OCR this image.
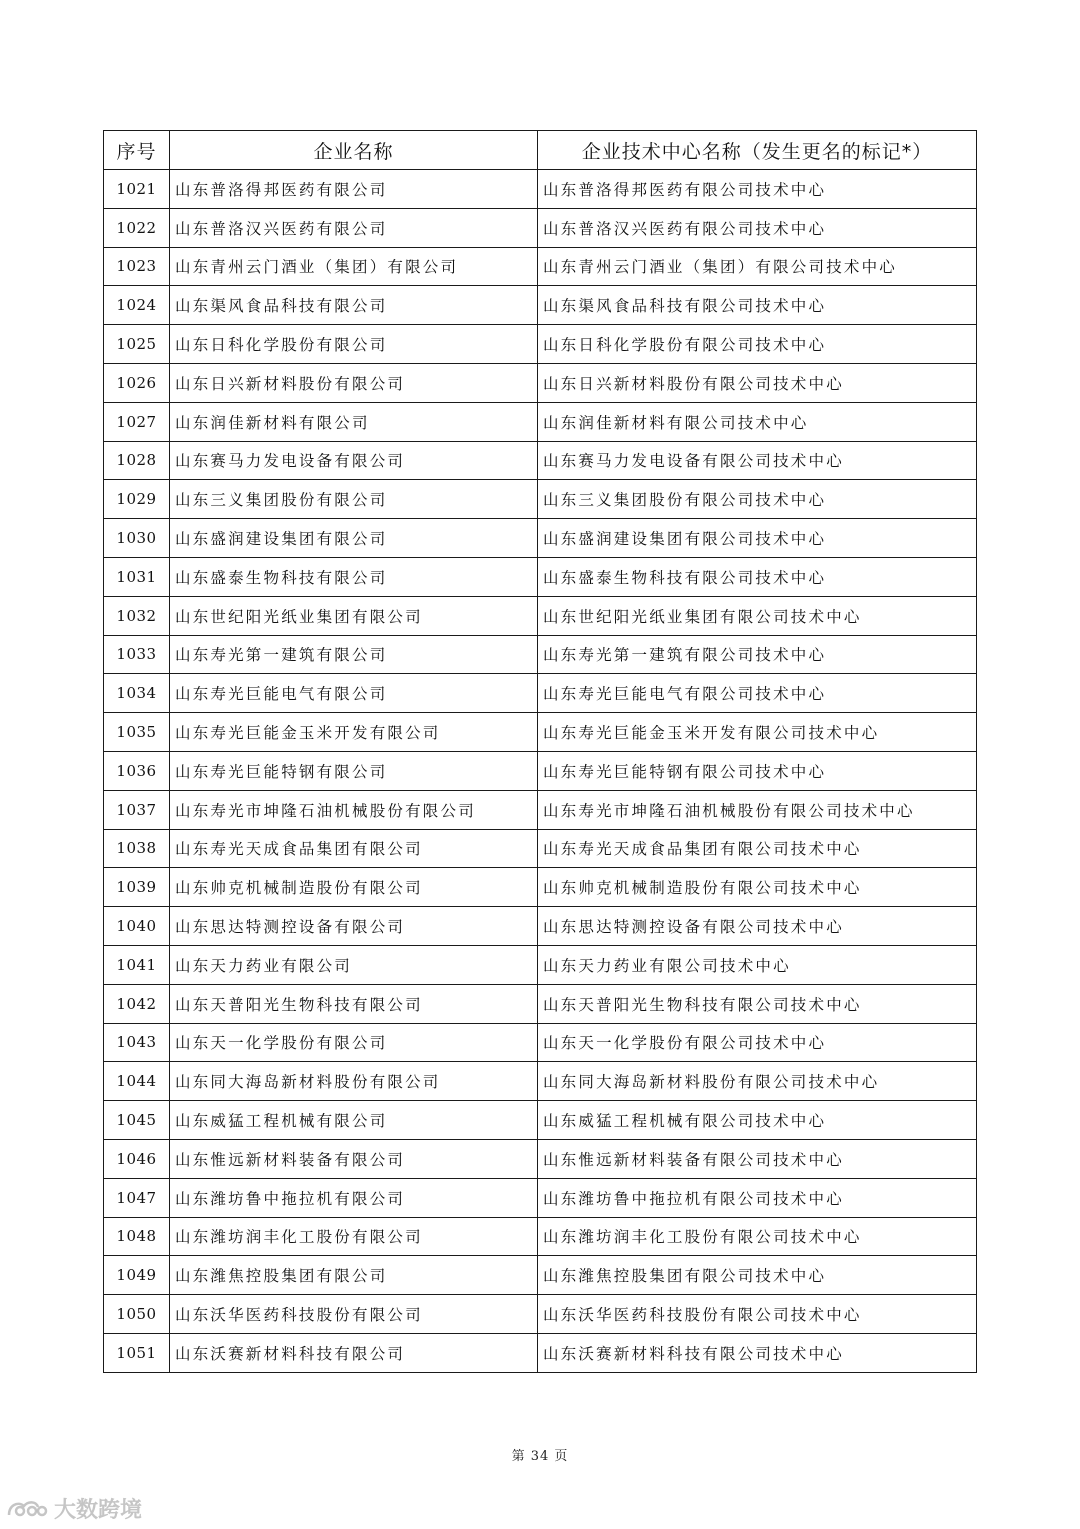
序号	企业名称	企业技术中心名称（发生更名的标记*）
1021	山东普洛得邦医药有限公司	山东普洛得邦医药有限公司技术中心
1022	山东普洛汉兴医药有限公司	山东普洛汉兴医药有限公司技术中心
1023	山东青州云门酒业（集团）有限公司	山东青州云门酒业（集团）有限公司技术中心
1024	山东渠风食品科技有限公司	山东渠风食品科技有限公司技术中心
1025	山东日科化学股份有限公司	山东日科化学股份有限公司技术中心
1026	山东日兴新材料股份有限公司	山东日兴新材料股份有限公司技术中心
1027	山东润佳新材料有限公司	山东润佳新材料有限公司技术中心
1028	山东赛马力发电设备有限公司	山东赛马力发电设备有限公司技术中心
1029	山东三义集团股份有限公司	山东三义集团股份有限公司技术中心
1030	山东盛润建设集团有限公司	山东盛润建设集团有限公司技术中心
1031	山东盛泰生物科技有限公司	山东盛泰生物科技有限公司技术中心
1032	山东世纪阳光纸业集团有限公司	山东世纪阳光纸业集团有限公司技术中心
1033	山东寿光第一建筑有限公司	山东寿光第一建筑有限公司技术中心
1034	山东寿光巨能电气有限公司	山东寿光巨能电气有限公司技术中心
1035	山东寿光巨能金玉米开发有限公司	山东寿光巨能金玉米开发有限公司技术中心
1036	山东寿光巨能特钢有限公司	山东寿光巨能特钢有限公司技术中心
1037	山东寿光市坤隆石油机械股份有限公司	山东寿光市坤隆石油机械股份有限公司技术中心
1038	山东寿光天成食品集团有限公司	山东寿光天成食品集团有限公司技术中心
1039	山东帅克机械制造股份有限公司	山东帅克机械制造股份有限公司技术中心
1040	山东思达特测控设备有限公司	山东思达特测控设备有限公司技术中心
1041	山东天力药业有限公司	山东天力药业有限公司技术中心
1042	山东天普阳光生物科技有限公司	山东天普阳光生物科技有限公司技术中心
1043	山东天一化学股份有限公司	山东天一化学股份有限公司技术中心
1044	山东同大海岛新材料股份有限公司	山东同大海岛新材料股份有限公司技术中心
1045	山东威猛工程机械有限公司	山东威猛工程机械有限公司技术中心
1046	山东惟远新材料装备有限公司	山东惟远新材料装备有限公司技术中心
1047	山东潍坊鲁中拖拉机有限公司	山东潍坊鲁中拖拉机有限公司技术中心
1048	山东潍坊润丰化工股份有限公司	山东潍坊润丰化工股份有限公司技术中心
1049	山东潍焦控股集团有限公司	山东潍焦控股集团有限公司技术中心
1050	山东沃华医药科技股份有限公司	山东沃华医药科技股份有限公司技术中心
1051	山东沃赛新材料科技有限公司	山东沃赛新材料科技有限公司技术中心
第 34 页
大数跨境
